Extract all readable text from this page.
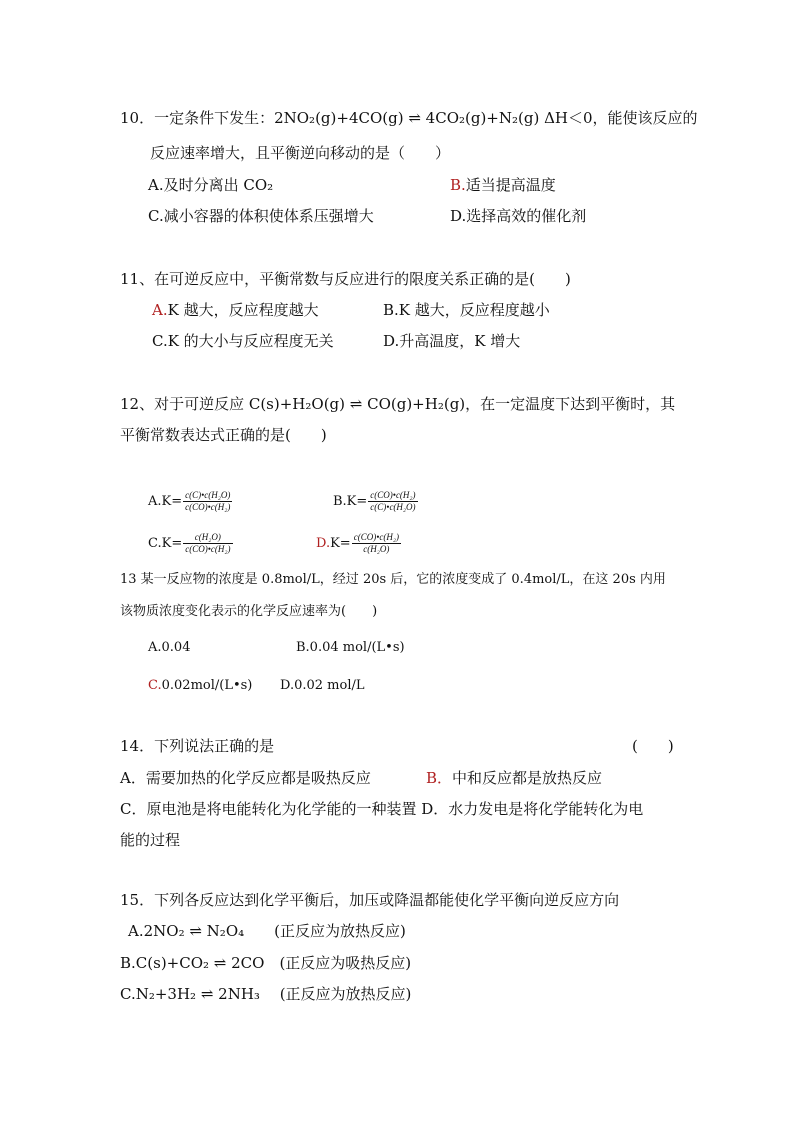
10．一定条件下发生：2NO₂(g)+4CO(g) ⇌ 4CO₂(g)+N₂(g) ΔH＜0，能使该反应的
反应速率增大，且平衡逆向移动的是（　　）
A.及时分离出 CO₂	B.适当提高温度
C.减小容器的体积使体系压强增大	D.选择高效的催化剂
11、在可逆反应中，平衡常数与反应进行的限度关系正确的是(　　)
A.K 越大，反应程度越大	B.K 越大，反应程度越小
C.K 的大小与反应程度无关	D.升高温度，K 增大
12、对于可逆反应 C(s)+H₂O(g) ⇌ CO(g)+H₂(g)，在一定温度下达到平衡时，其
平衡常数表达式正确的是(　　)
$A.K= \frac{\text{c(C)•c(H₂O)}}{\text{c(CO)•c(H₂)}}$	$B.K= \frac{\text{c(CO)•c(H₂)}}{\text{c(C)•c(H₂O)}}$
$C.K= \frac{\text{c(H₂O)}}{\text{c(CO)•c(H₂)}}$	$D.K= \frac{\text{c(CO)•c(H₂)}}{\text{c(H₂O)}}$
13 某一反应物的浓度是 0.8mol/L，经过 20s 后，它的浓度变成了 0.4mol/L，在这 20s 内用
该物质浓度变化表示的化学反应速率为(　　)
A.0.04	B.0.04 mol/(L•s)
C.0.02mol/(L•s) D.0.02 mol/L
14．下列说法正确的是	(　　)
A．需要加热的化学反应都是吸热反应	B．中和反应都是放热反应
C．原电池是将电能转化为化学能的一种装置 D．水力发电是将化学能转化为电
能的过程
15．下列各反应达到化学平衡后，加压或降温都能使化学平衡向逆反应方向
A.2NO₂ ⇌ N₂O₄　　(正反应为放热反应)
B.C(s)+CO₂ ⇌ 2CO　(正反应为吸热反应)
C.N₂+3H₂ ⇌ 2NH₃　 (正反应为放热反应)
